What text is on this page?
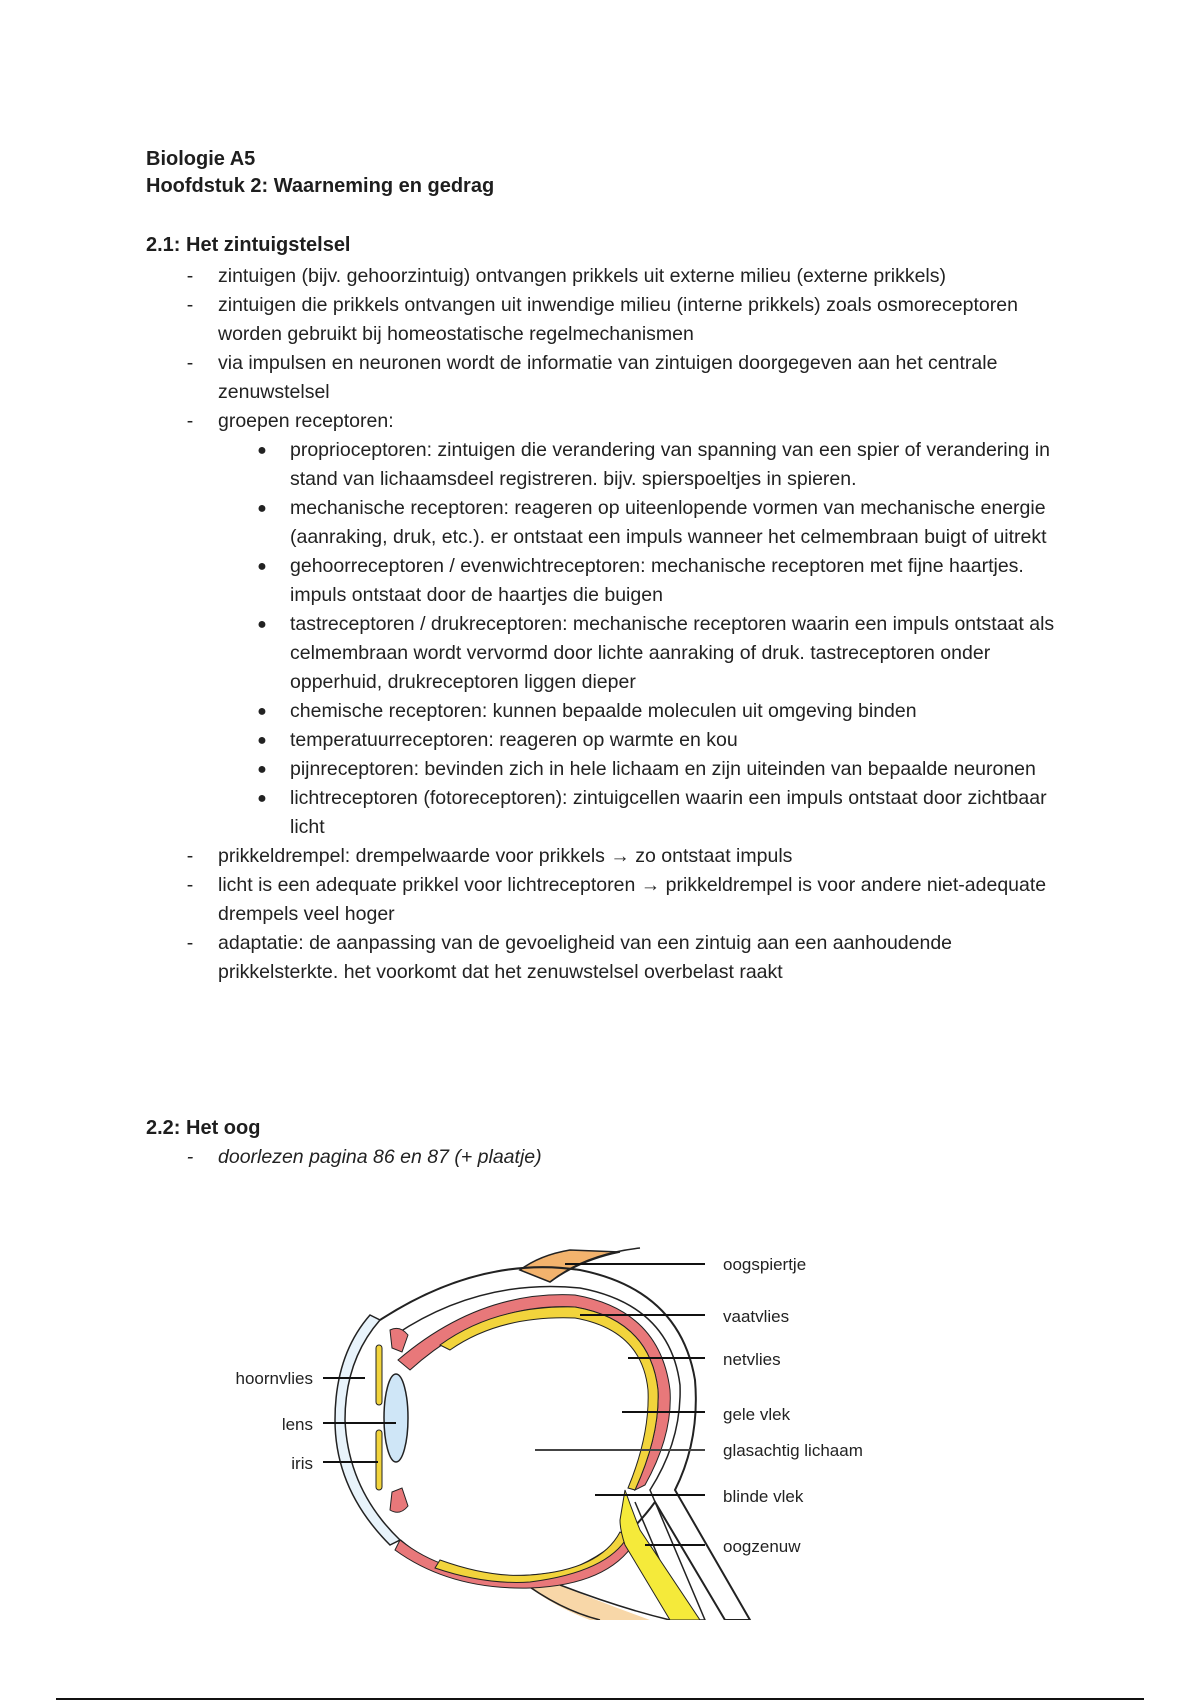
Biologie A5
Hoofdstuk 2: Waarneming en gedrag
2.1: Het zintuigstelsel
- zintuigen (bijv. gehoorzintuig) ontvangen prikkels uit externe milieu (externe prikkels)
- zintuigen die prikkels ontvangen uit inwendige milieu (interne prikkels) zoals osmoreceptoren worden gebruikt bij homeostatische regelmechanismen
- via impulsen en neuronen wordt de informatie van zintuigen doorgegeven aan het centrale zenuwstelsel
- groepen receptoren:
● proprioceptoren: zintuigen die verandering van spanning van een spier of verandering in stand van lichaamsdeel registreren. bijv. spierspoeltjes in spieren.
● mechanische receptoren: reageren op uiteenlopende vormen van mechanische energie (aanraking, druk, etc.). er ontstaat een impuls wanneer het celmembraan buigt of uitrekt
● gehoorreceptoren / evenwichtreceptoren: mechanische receptoren met fijne haartjes. impuls ontstaat door de haartjes die buigen
● tastreceptoren / drukreceptoren: mechanische receptoren waarin een impuls ontstaat als celmembraan wordt vervormd door lichte aanraking of druk. tastreceptoren onder opperhuid, drukreceptoren liggen dieper
● chemische receptoren: kunnen bepaalde moleculen uit omgeving binden
● temperatuurreceptoren: reageren op warmte en kou
● pijnreceptoren: bevinden zich in hele lichaam en zijn uiteinden van bepaalde neuronen
● lichtreceptoren (fotoreceptoren): zintuigcellen waarin een impuls ontstaat door zichtbaar licht
- prikkeldrempel: drempelwaarde voor prikkels → zo ontstaat impuls
- licht is een adequate prikkel voor lichtreceptoren → prikkeldrempel is voor andere niet-adequate drempels veel hoger
- adaptatie: de aanpassing van de gevoeligheid van een zintuig aan een aanhoudende prikkelsterkte. het voorkomt dat het zenuwstelsel overbelast raakt
2.2: Het oog
- doorlezen pagina 86 en 87 (+ plaatje)
oogspiertje
vaatvlies
netvlies
gele vlek
glasachtig lichaam
blinde vlek
oogzenuw
hoornvlies
lens
iris
